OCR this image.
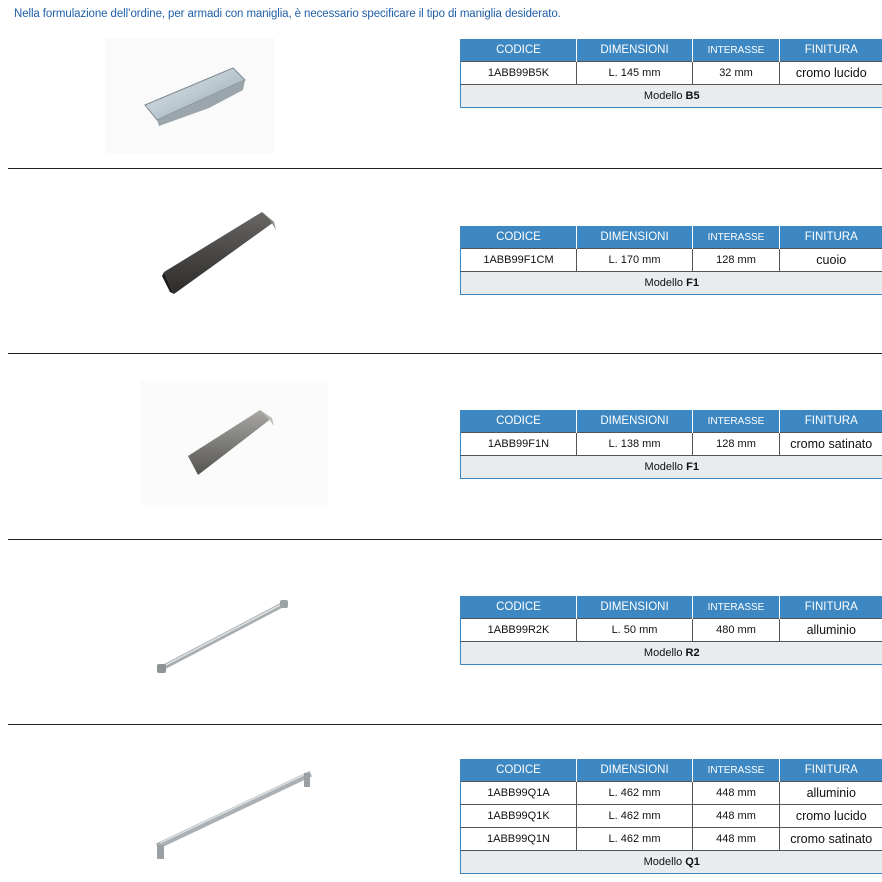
Nella formulazione dell’ordine, per armadi con maniglia, è necessario specificare il tipo di maniglia desiderato.
CODICE	DIMENSIONI	INTERASSE	FINITURA
1ABB99B5K	L. 145 mm	32 mm	cromo lucido
Modello B5			
CODICE	DIMENSIONI	INTERASSE	FINITURA
1ABB99F1CM	L. 170 mm	128 mm	cuoio
Modello F1			
CODICE	DIMENSIONI	INTERASSE	FINITURA
1ABB99F1N	L. 138 mm	128 mm	cromo satinato
Modello F1			
CODICE	DIMENSIONI	INTERASSE	FINITURA
1ABB99R2K	L. 50 mm	480 mm	alluminio
Modello R2			
CODICE	DIMENSIONI	INTERASSE	FINITURA
1ABB99Q1A	L. 462 mm	448 mm	alluminio
1ABB99Q1K	L. 462 mm	448 mm	cromo lucido
1ABB99Q1N	L. 462 mm	448 mm	cromo satinato
Modello Q1			
